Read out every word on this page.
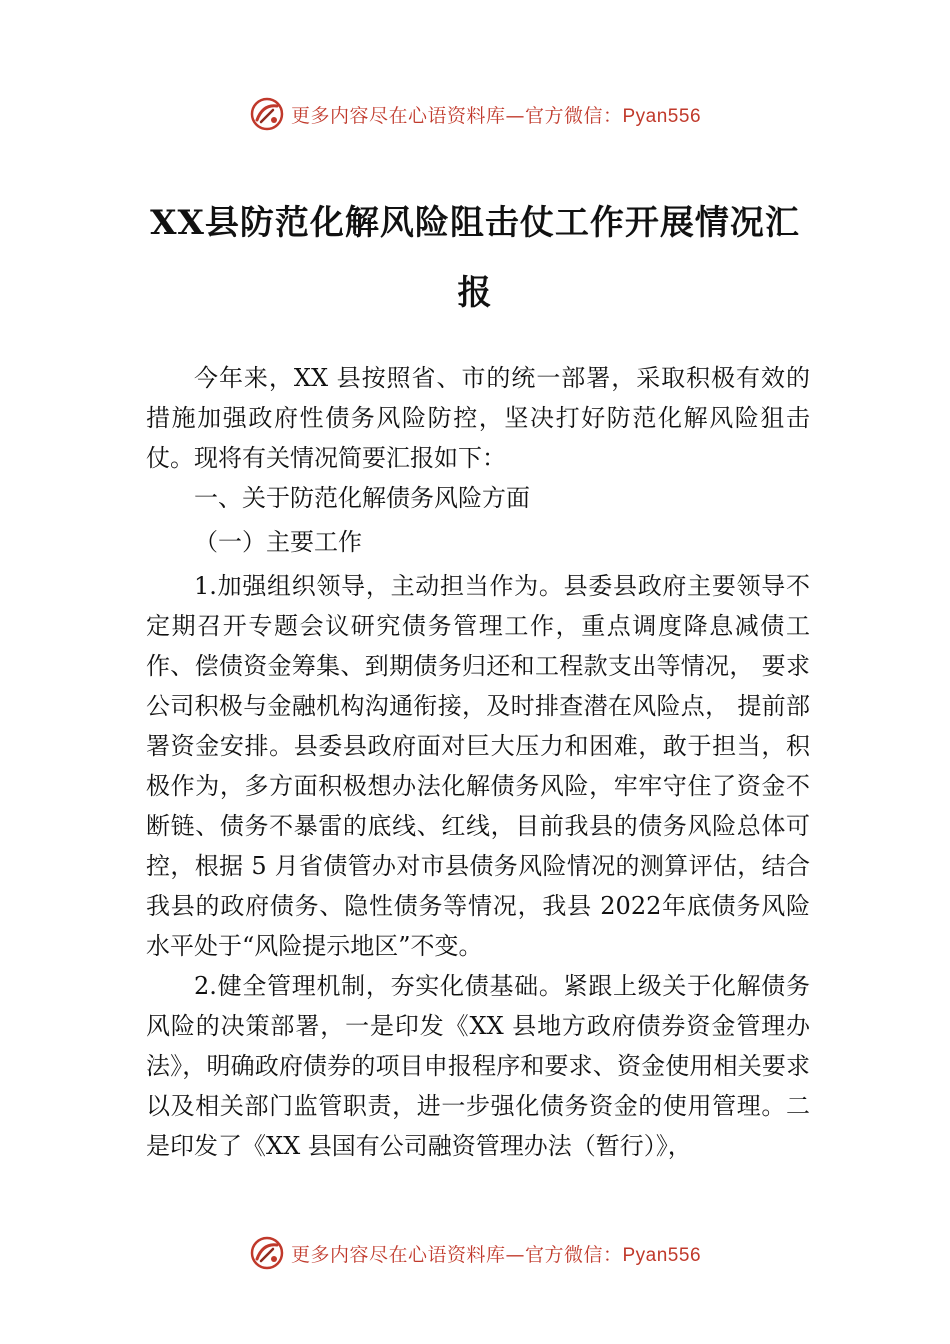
更多内容尽在心语资料库—官方微信：Pyan556
XX县防范化解风险阻击仗工作开展情况汇报

今年来，XX 县按照省、市的统一部署，采取积极有效的措施加强政府性债务风险防控，坚决打好防范化解风险狙击仗。现将有关情况简要汇报如下：

一、关于防范化解债务风险方面

（一）主要工作

1.加强组织领导，主动担当作为。县委县政府主要领导不定期召开专题会议研究债务管理工作，重点调度降息减债工作、偿债资金筹集、到期债务归还和工程款支出等情况， 要求公司积极与金融机构沟通衔接，及时排查潜在风险点， 提前部署资金安排。县委县政府面对巨大压力和困难，敢于担当，积极作为，多方面积极想办法化解债务风险，牢牢守住了资金不断链、债务不暴雷的底线、红线，目前我县的债务风险总体可控，根据 5 月省债管办对市县债务风险情况的测算评估，结合我县的政府债务、隐性债务等情况，我县 2022年底债务风险水平处于“风险提示地区”不变。

2.健全管理机制，夯实化债基础。紧跟上级关于化解债务风险的决策部署，一是印发《XX 县地方政府债券资金管理办法》，明确政府债券的项目申报程序和要求、资金使用相关要求以及相关部门监管职责，进一步强化债务资金的使用管理。二是印发了《XX 县国有公司融资管理办法（暂行）》，

更多内容尽在心语资料库—官方微信：Pyan556
